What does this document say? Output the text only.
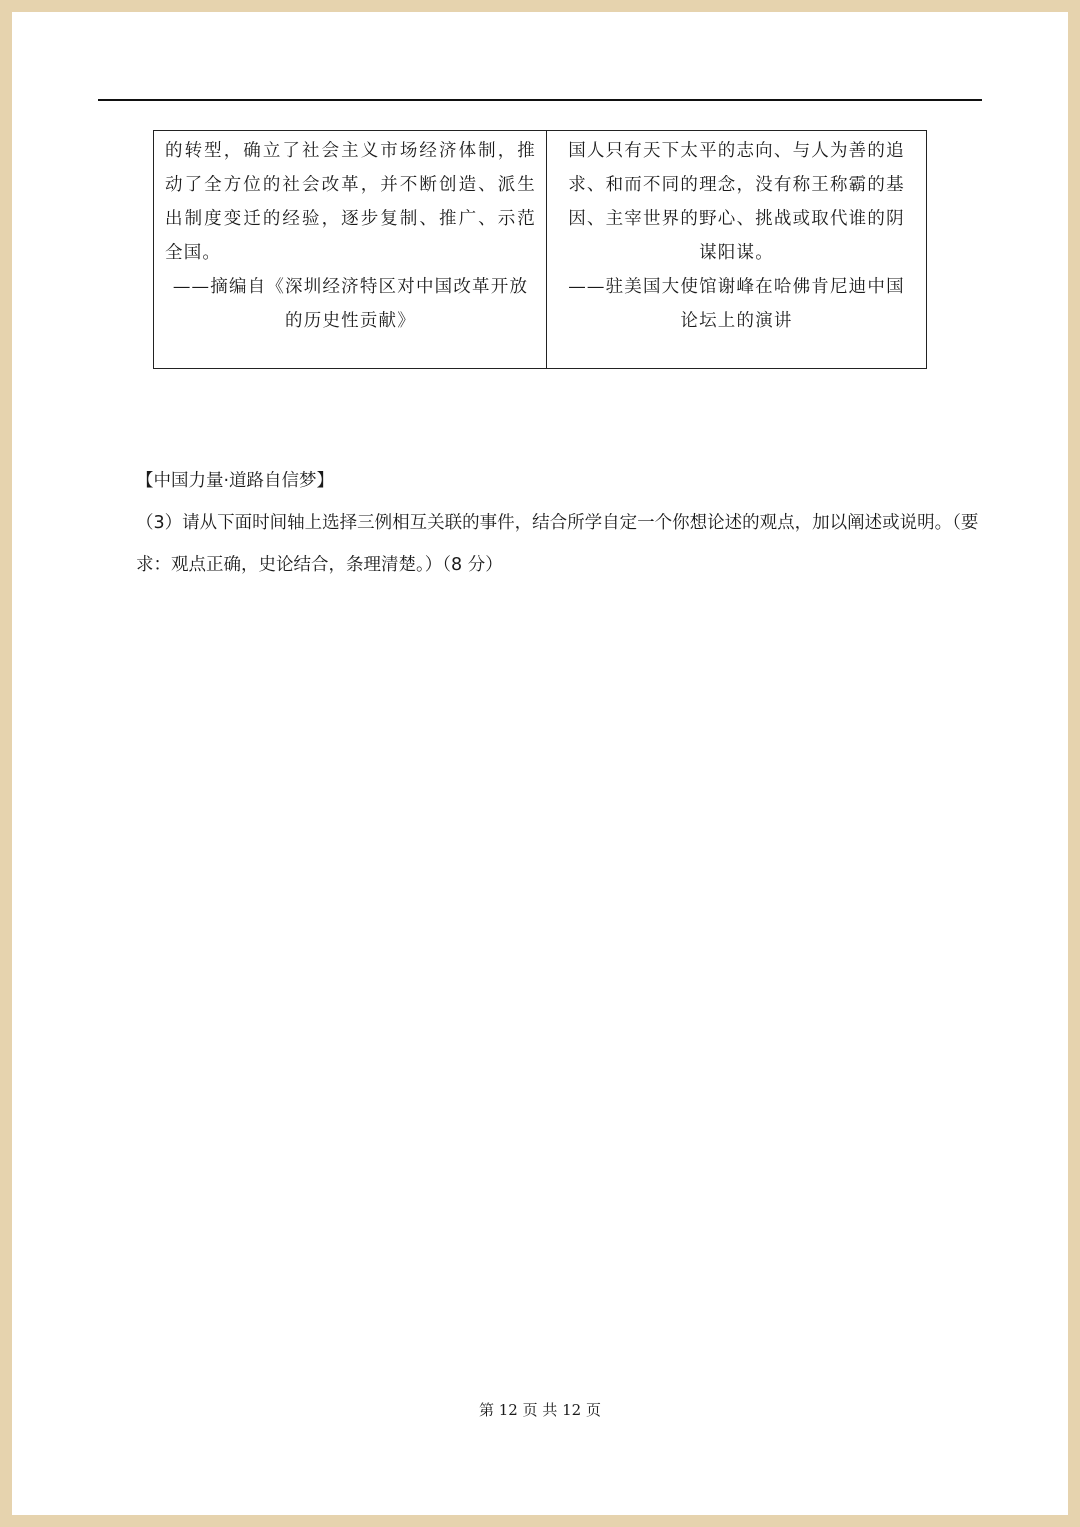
的转型，确立了社会主义市场经济体制，推动了全方位的社会改革，并不断创造、派生出制度变迁的经验，逐步复制、推广、示范全国。

——摘编自《深圳经济特区对中国改革开放的历史性贡献》

国人只有天下太平的志向、与人为善的追求、和而不同的理念，没有称王称霸的基因、主宰世界的野心、挑战或取代谁的阴谋阳谋。

——驻美国大使馆谢峰在哈佛肯尼迪中国论坛上的演讲

【中国力量·道路自信梦】

（3）请从下面时间轴上选择三例相互关联的事件，结合所学自定一个你想论述的观点，加以阐述或说明。（要求：观点正确，史论结合，条理清楚。）（8 分）

第 12 页 共 12 页
